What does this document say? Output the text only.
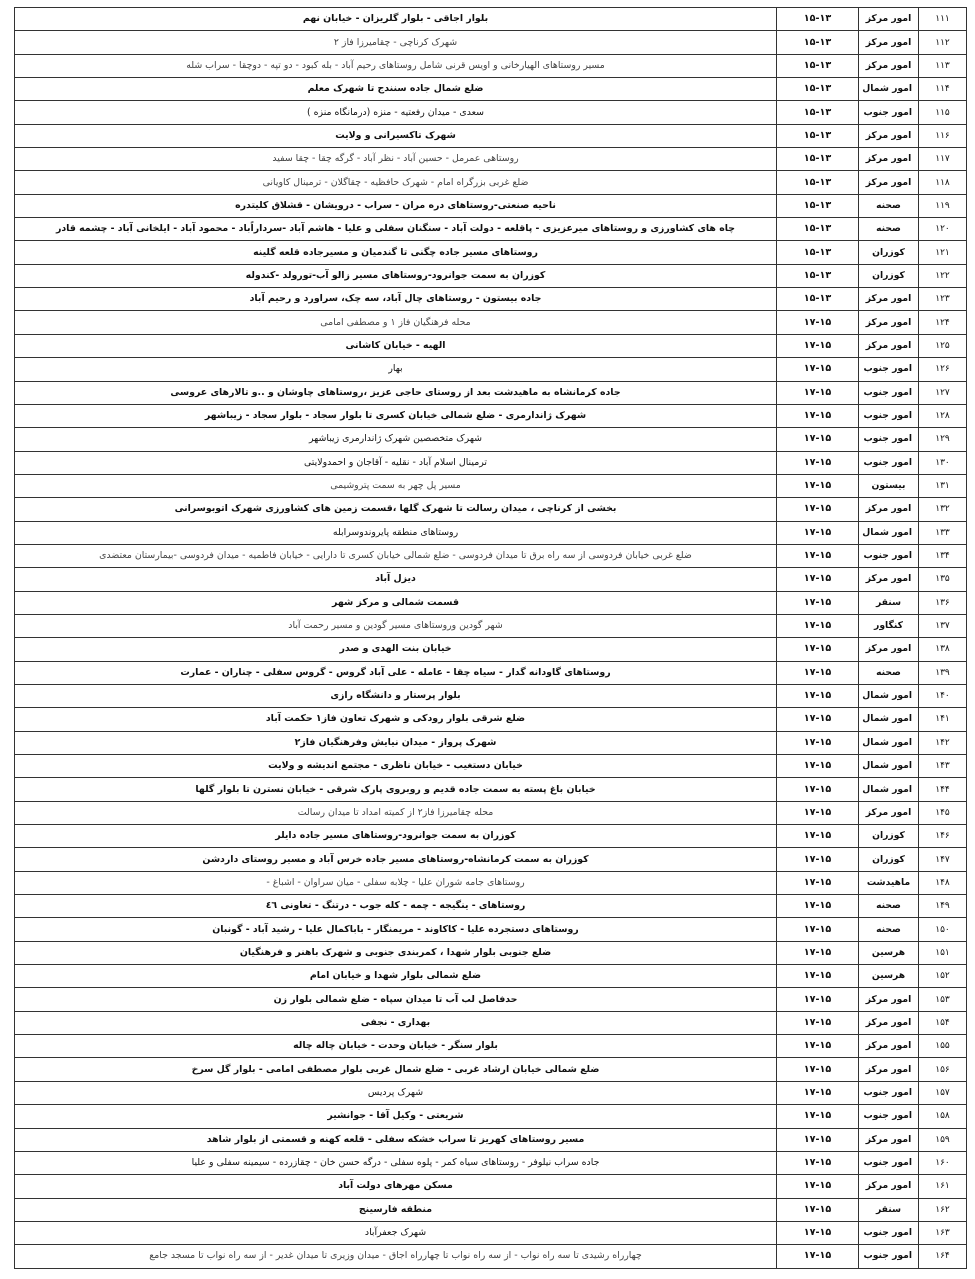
۱۱۱	امور مرکز	۱۵-۱۳	بلوار اجاقی - بلوار گلریزان - خیابان نهم
۱۱۲	امور مرکز	۱۵-۱۳	شهرک کرناچی - چقامیرزا فاز ۲
۱۱۳	امور مرکز	۱۵-۱۳	مسیر روستاهای الهیارخانی و اویس قرنی شامل روستاهای رحیم آباد - بله کبود - دو تپه - دوچقا - سراب شله
۱۱۴	امور شمال	۱۵-۱۳	ضلع شمال جاده سنندج تا شهرک معلم
۱۱۵	امور جنوب	۱۵-۱۳	سعدی - میدان رفعتیه - منزه (درمانگاه منزه )
۱۱۶	امور مرکز	۱۵-۱۳	شهرک تاکسیرانی و ولایت
۱۱۷	امور مرکز	۱۵-۱۳	روستاهی عمرمل - حسین آباد - نظر آباد - گرگه چقا - چقا سفید
۱۱۸	امور مرکز	۱۵-۱۳	ضلع غربی بزرگراه امام - شهرک حافظیه - چقاگلان - ترمینال کاویانی
۱۱۹	صحنه	۱۵-۱۳	ناحیه صنعتی-روستاهای دره مران - سراب - درویشان - قشلاق کلیتدره
۱۲۰	صحنه	۱۵-۱۳	چاه های کشاورزی و روستاهای میرعزیزی - پاقلعه - دولت آباد - سنگنان سفلی و علیا - هاشم آباد -سرداراًباد - محمود آباد - ایلخانی آباد - چشمه قادر
۱۲۱	کوزران	۱۵-۱۳	روستاهای مسیر جاده چگنی تا گندمیان و مسیرجاده قلعه گلینه
۱۲۲	کوزران	۱۵-۱۳	کوزران به سمت جوانرود-روستاهای مسیر زالو آب-تورولد -کندوله
۱۲۳	امور مرکز	۱۵-۱۳	جاده بیستون - روستاهای چال آباد، سه چک، سراورد و رحیم آباد
۱۲۴	امور مرکز	۱۷-۱۵	محله فرهنگیان فاز ۱ و مصطفی امامی
۱۲۵	امور مرکز	۱۷-۱۵	الهیه - خیابان کاشانی
۱۲۶	امور جنوب	۱۷-۱۵	بهار
۱۲۷	امور جنوب	۱۷-۱۵	جاده کرمانشاه به ماهیدشت بعد از روستای حاجی عزیز ،روستاهای چاوشان و ..و تالارهای عروسی
۱۲۸	امور جنوب	۱۷-۱۵	شهرک ژاندارمری - ضلع شمالی خیابان کسری تا بلوار سجاد - بلوار سجاد - زیباشهر
۱۲۹	امور جنوب	۱۷-۱۵	شهرک متخصصین شهرک ژاندارمری زیباشهر
۱۳۰	امور جنوب	۱۷-۱۵	ترمینال اسلام آباد - نقلیه - آقاجان و احمدولایتی
۱۳۱	بیستون	۱۷-۱۵	مسیر پل چهر به سمت پتروشیمی
۱۳۲	امور مرکز	۱۷-۱۵	بخشی از کرناچی ، میدان رسالت تا شهرک گلها ،قسمت زمین های کشاورزی شهرک اتوبوسرانی
۱۳۳	امور شمال	۱۷-۱۵	روستاهای منطقه پایروندوسرابله
۱۳۴	امور جنوب	۱۷-۱۵	ضلع غربی خیابان فردوسی از سه راه برق تا میدان فردوسی - ضلع شمالی خیابان کسری تا دارایی - خیابان فاطمیه - میدان فردوسی -بیمارستان معتضدی
۱۳۵	امور مرکز	۱۷-۱۵	دیزل آباد
۱۳۶	سنقر	۱۷-۱۵	قسمت شمالی و مرکز شهر
۱۳۷	کنگاور	۱۷-۱۵	شهر گودین وروستاهای مسیر گودین و مسیر رحمت آباد
۱۳۸	امور مرکز	۱۷-۱۵	خیابان بنت الهدی و صدر
۱۳۹	صحنه	۱۷-۱۵	روستاهای گاودانه گدار - سیاه چقا - عامله - علی آباد گروس - گروس سفلی - چناران - عمارت
۱۴۰	امور شمال	۱۷-۱۵	بلوار پرستار و دانشگاه رازی
۱۴۱	امور شمال	۱۷-۱۵	ضلع شرقی بلوار رودکی و شهرک تعاون فاز۱ حکمت آباد
۱۴۲	امور شمال	۱۷-۱۵	شهرک پرواز - میدان نیایش وفرهنگیان فاز۲
۱۴۳	امور شمال	۱۷-۱۵	خیابان دستغیب - خیابان ناظری - مجتمع اندیشه و ولایت
۱۴۴	امور شمال	۱۷-۱۵	خیابان باغ پسته به سمت جاده قدیم و روبروی پارک شرقی - خیابان نسترن تا بلوار گلها
۱۴۵	امور مرکز	۱۷-۱۵	محله چقامیرزا فاز۲ از کمیته امداد تا میدان رسالت
۱۴۶	کوزران	۱۷-۱۵	کوزران به سمت جوانرود-روستاهای مسیر جاده دایلر
۱۴۷	کوزران	۱۷-۱۵	کوزران به سمت کرمانشاه-روستاهای مسیر جاده خرس آباد و مسیر روستای داردشن
۱۴۸	ماهیدشت	۱۷-۱۵	روستاهای جامه شوران علیا - چلابه سفلی - میان سراوان - اشباغ -
۱۴۹	صحنه	۱۷-۱۵	روستاهای - ینگیجه - چمه - کله جوب - درتنگ - تعاونی ٤٦
۱۵۰	صحنه	۱۷-۱۵	روستاهای دستجرده علیا - کاکاوند - مریمنگار - باباکمال علیا - رشید آباد - گونبان
۱۵۱	هرسین	۱۷-۱۵	ضلع جنوبی بلوار شهدا ، کمربندی جنوبی و شهرک باهنر و فرهنگیان
۱۵۲	هرسین	۱۷-۱۵	ضلع شمالی بلوار شهدا و خیابان امام
۱۵۳	امور مرکز	۱۷-۱۵	حدفاصل لب آب تا میدان سپاه - ضلع شمالی بلوار زن
۱۵۴	امور مرکز	۱۷-۱۵	بهداری - نجفی
۱۵۵	امور مرکز	۱۷-۱۵	بلوار سنگر - خیابان وحدت - خیابان چاله چاله
۱۵۶	امور مرکز	۱۷-۱۵	ضلع شمالی خیابان ارشاد غربی - ضلع شمال غربی بلوار مصطفی امامی - بلوار گل سرخ
۱۵۷	امور جنوب	۱۷-۱۵	شهرک پردیس
۱۵۸	امور جنوب	۱۷-۱۵	شریعتی - وکیل آقا - جوانشیر
۱۵۹	امور مرکز	۱۷-۱۵	مسیر روستاهای کهریز تا سراب خشکه سفلی - قلعه کهنه و قسمتی از بلوار شاهد
۱۶۰	امور جنوب	۱۷-۱۵	جاده سراب نیلوفر - روستاهای سیاه کمر - پلوه سفلی - درگه حسن خان - چقازرده - سیمینه سفلی و علیا
۱۶۱	امور مرکز	۱۷-۱۵	مسکن مهرهای دولت آباد
۱۶۲	سنقر	۱۷-۱۵	منطقه فارسینج
۱۶۳	امور جنوب	۱۷-۱۵	شهرک جعفرآباد
۱۶۴	امور جنوب	۱۷-۱۵	چهارراه رشیدی تا سه راه نواب - از سه راه نواب تا چهارراه اجاق - میدان وزیری تا میدان غدیر - از سه راه نواب تا مسجد جامع
